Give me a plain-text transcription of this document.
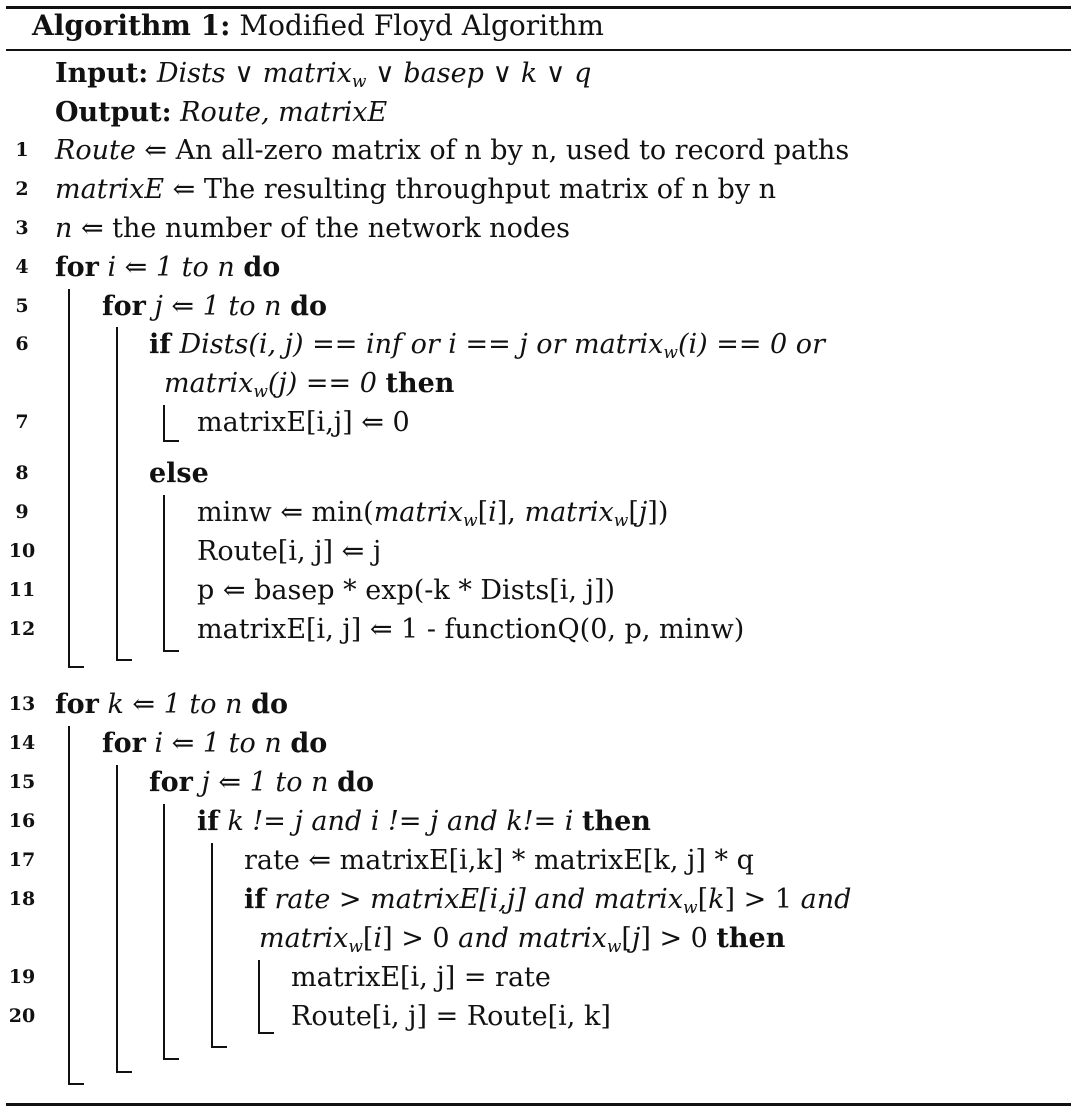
Algorithm 1: Modified Floyd Algorithm
Input: Dists ∨ matrix$_w$ ∨ basep ∨ k ∨ q
Output: Route, matrixE
1 Route ⇐ An all-zero matrix of n by n, used to record paths
2 matrixE ⇐ The resulting throughput matrix of n by n
3 n ⇐ the number of the network nodes
4 for i ⇐ 1 to n do
5	for j ⇐ 1 to n do
6	if Dists(i, j) == inf or i == j or matrix$_w$(i) == 0 or
matrix$_w$(j) == 0 then
7	matrixE[i,j] ⇐ 0
8	else
9	minw ⇐ min(matrix$_w$[i], matrix$_w$[j])
10	Route[i, j] ⇐ j
11	p ⇐ basep * exp(-k * Dists[i, j])
12	matrixE[i, j] ⇐ 1 - functionQ(0, p, minw)
13 for k ⇐ 1 to n do
14	for i ⇐ 1 to n do
15	for j ⇐ 1 to n do
16	if k != j and i != j and k!= i then
17	rate ⇐ matrixE[i,k] * matrixE[k, j] * q
18	if rate > matrixE[i,j] and matrix$_w$[k] > 1 and
matrix$_w$[i] > 0 and matrix$_w$[j] > 0 then
19	matrixE[i, j] = rate
20	Route[i, j] = Route[i, k]
